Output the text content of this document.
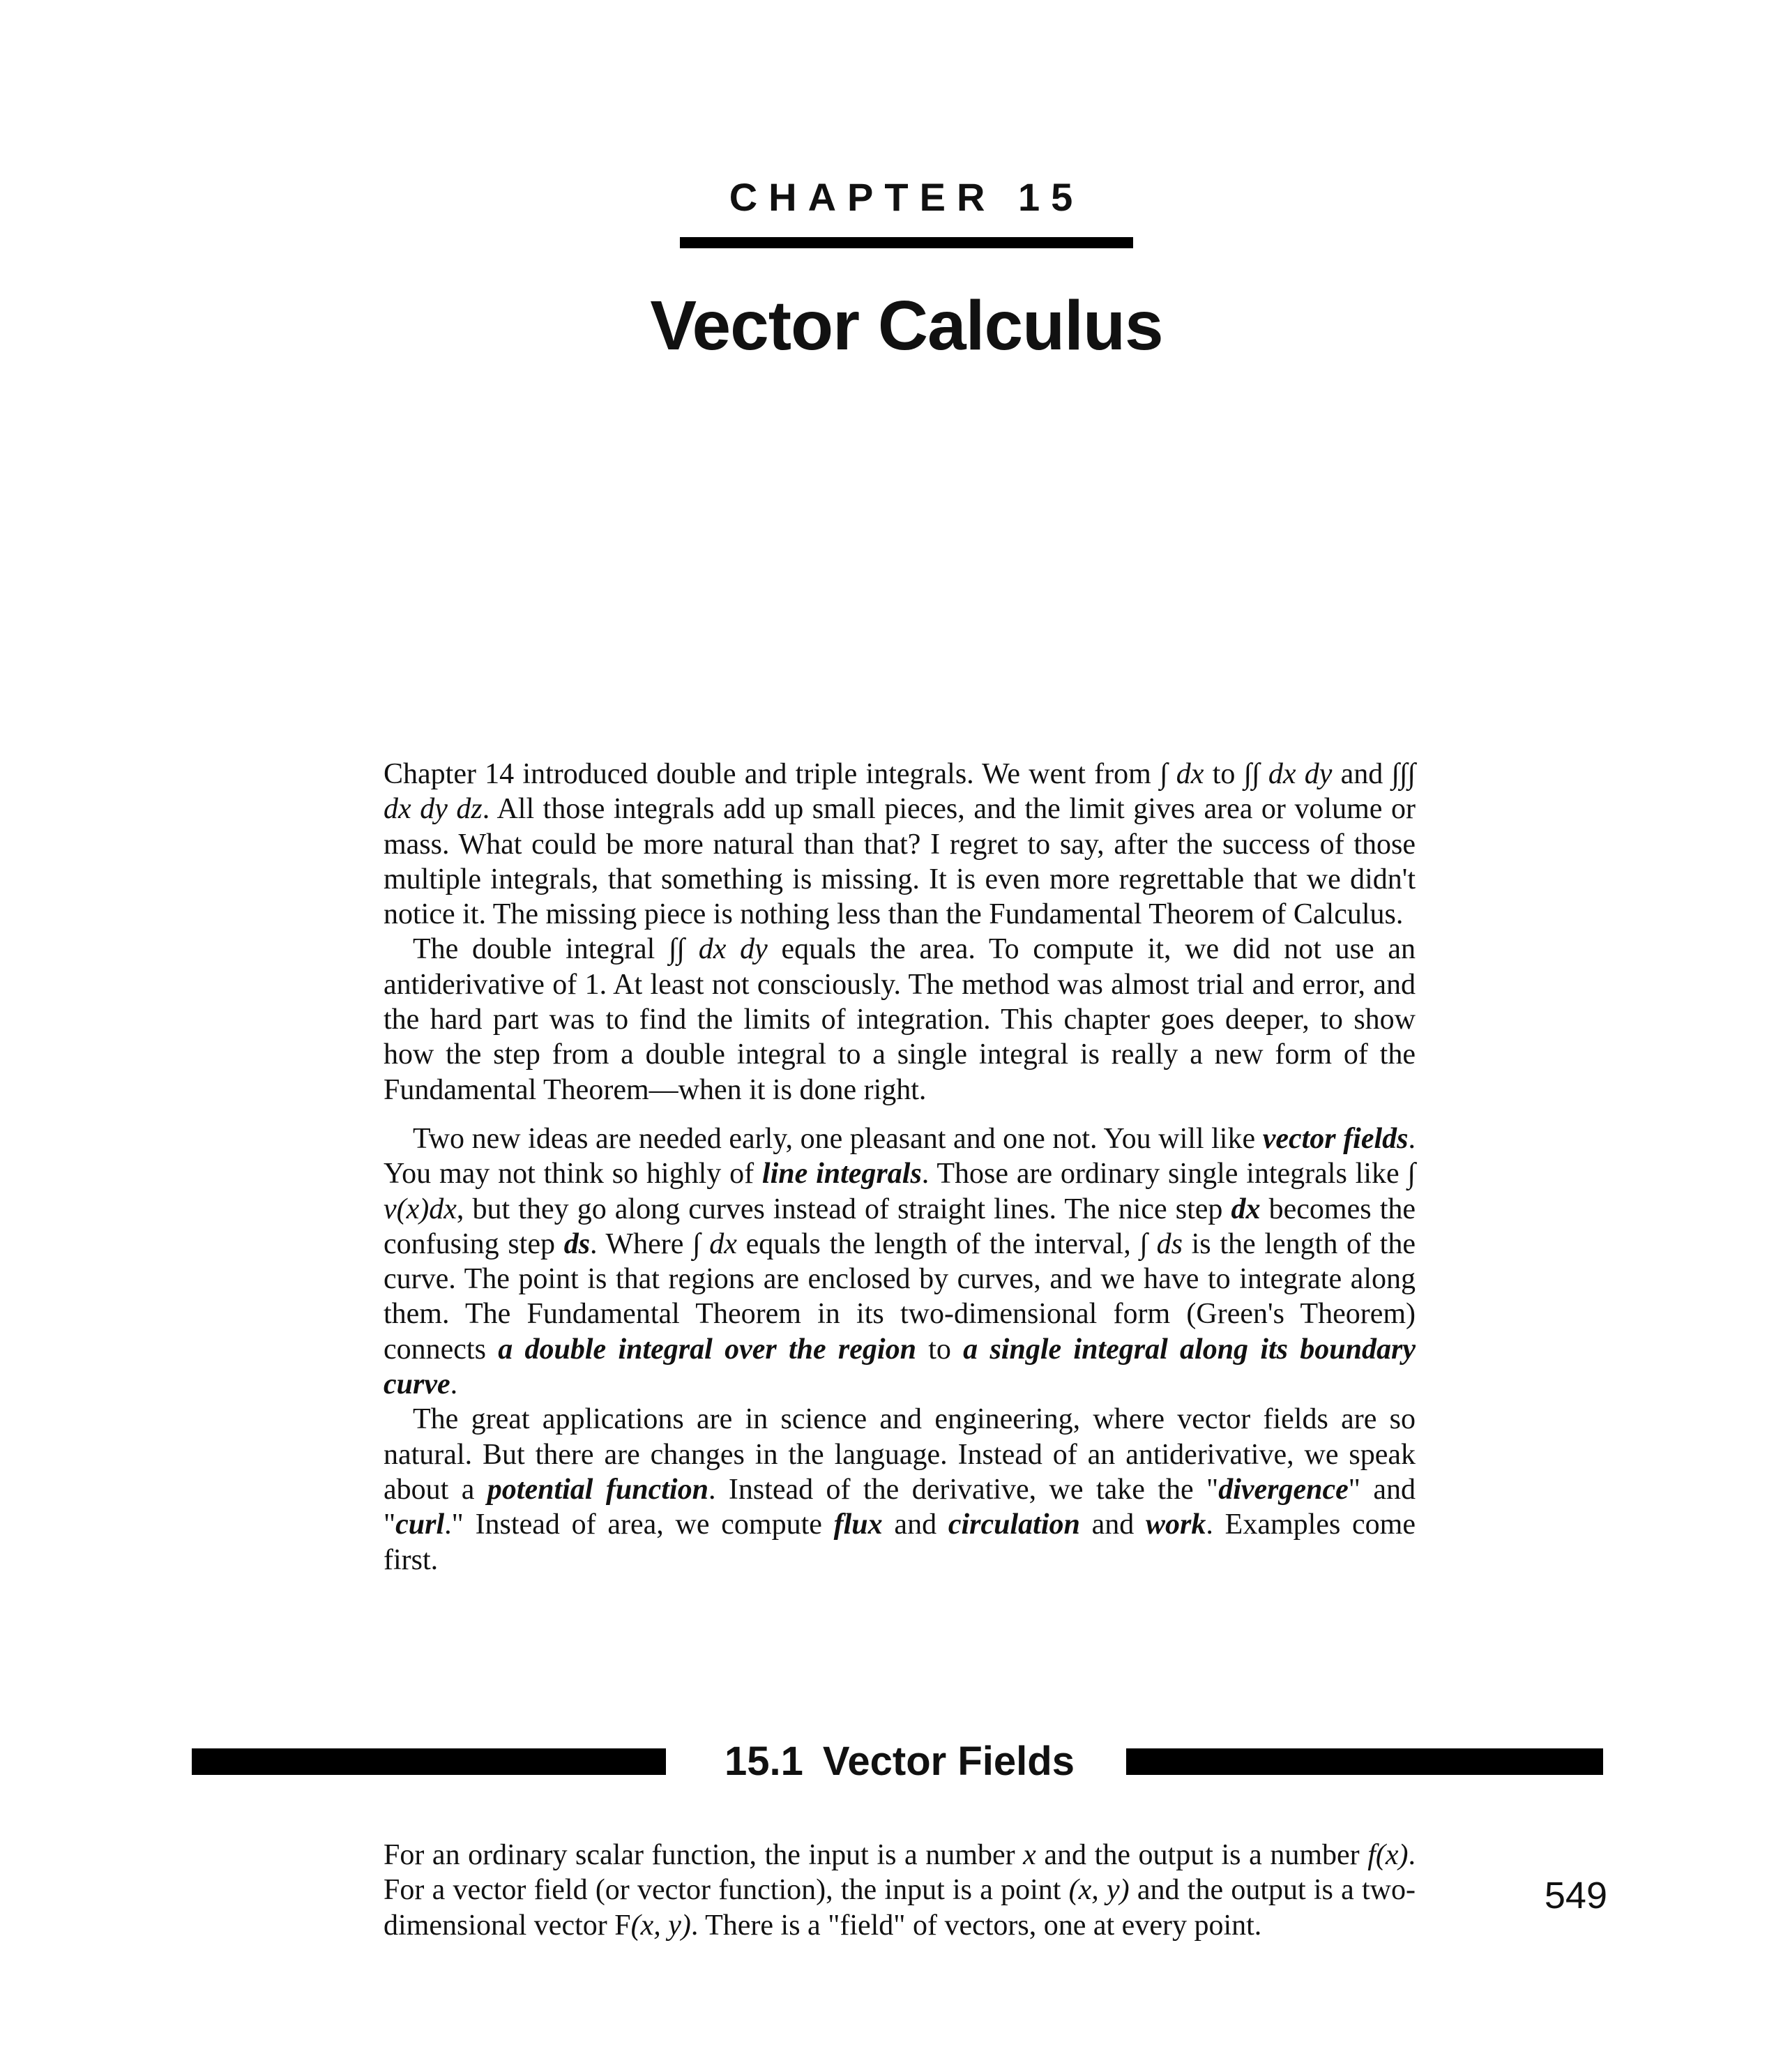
CHAPTER 15
Vector Calculus

Chapter 14 introduced double and triple integrals. We went from ∫ dx to ∫∫ dx dy and ∫∫∫ dx dy dz. All those integrals add up small pieces, and the limit gives area or volume or mass. What could be more natural than that? I regret to say, after the success of those multiple integrals, that something is missing. It is even more regrettable that we didn't notice it. The missing piece is nothing less than the Fundamental Theorem of Calculus.

The double integral ∫∫ dx dy equals the area. To compute it, we did not use an antiderivative of 1. At least not consciously. The method was almost trial and error, and the hard part was to find the limits of integration. This chapter goes deeper, to show how the step from a double integral to a single integral is really a new form of the Fundamental Theorem—when it is done right.

Two new ideas are needed early, one pleasant and one not. You will like vector fields. You may not think so highly of line integrals. Those are ordinary single integrals like ∫ v(x)dx, but they go along curves instead of straight lines. The nice step dx becomes the confusing step ds. Where ∫ dx equals the length of the interval, ∫ ds is the length of the curve. The point is that regions are enclosed by curves, and we have to integrate along them. The Fundamental Theorem in its two-dimensional form (Green's Theorem) connects a double integral over the region to a single integral along its boundary curve.

The great applications are in science and engineering, where vector fields are so natural. But there are changes in the language. Instead of an antiderivative, we speak about a potential function. Instead of the derivative, we take the "divergence" and "curl." Instead of area, we compute flux and circulation and work. Examples come first.

15.1 Vector Fields

For an ordinary scalar function, the input is a number x and the output is a number f(x). For a vector field (or vector function), the input is a point (x, y) and the output is a two-dimensional vector F(x, y). There is a "field" of vectors, one at every point.

549
